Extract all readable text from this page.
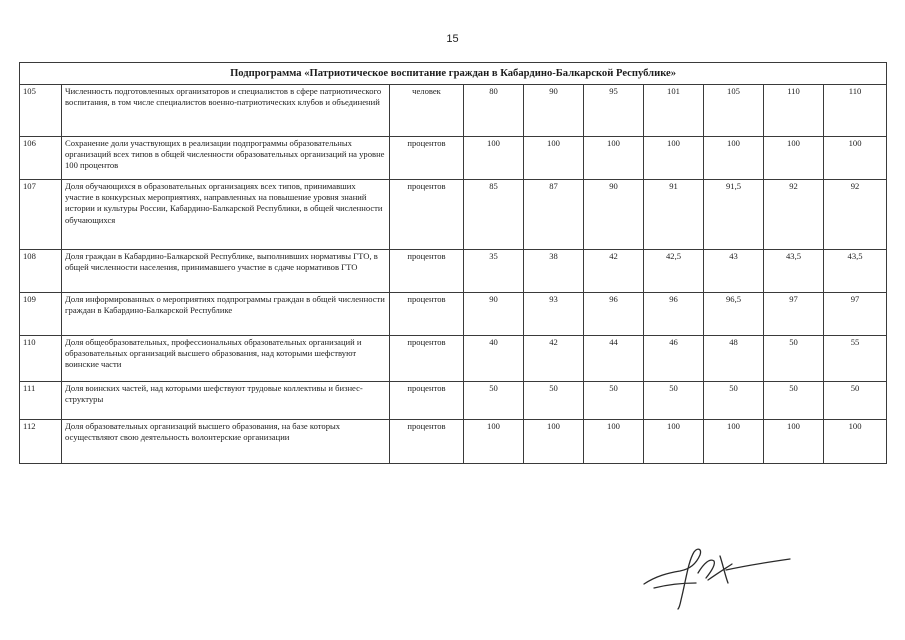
15
Подпрограмма «Патриотическое воспитание граждан в Кабардино-Балкарской Республике»									
105	Численность подготовленных организаторов и специалистов в сфере патриотического воспитания, в том числе специалистов военно-патриотических клубов и объединений	человек	80	90	95	101	105	110	110
106	Сохранение доли участвующих в реализации подпрограммы образовательных организаций всех типов в общей численности образовательных организаций на уровне 100 процентов	процентов	100	100	100	100	100	100	100
107	Доля обучающихся в образовательных организациях всех типов, принимавших участие в конкурсных мероприятиях, направленных на повышение уровня знаний истории и культуры России, Кабардино-Балкарской Республики, в общей численности обучающихся	процентов	85	87	90	91	91,5	92	92
108	Доля граждан в Кабардино-Балкарской Республике, выполнивших нормативы ГТО, в общей численности населения, принимавшего участие в сдаче нормативов ГТО	процентов	35	38	42	42,5	43	43,5	43,5
109	Доля информированных о мероприятиях подпрограммы граждан в общей численности граждан в Кабардино-Балкарской Республике	процентов	90	93	96	96	96,5	97	97
110	Доля общеобразовательных, профессиональных образовательных организаций и образовательных организаций высшего образования, над которыми шефствуют воинские части	процентов	40	42	44	46	48	50	55
111	Доля воинских частей, над которыми шефствуют трудовые коллективы и бизнес-структуры	процентов	50	50	50	50	50	50	50
112	Доля образовательных организаций высшего образования, на базе которых осуществляют свою деятельность волонтерские организации	процентов	100	100	100	100	100	100	100
